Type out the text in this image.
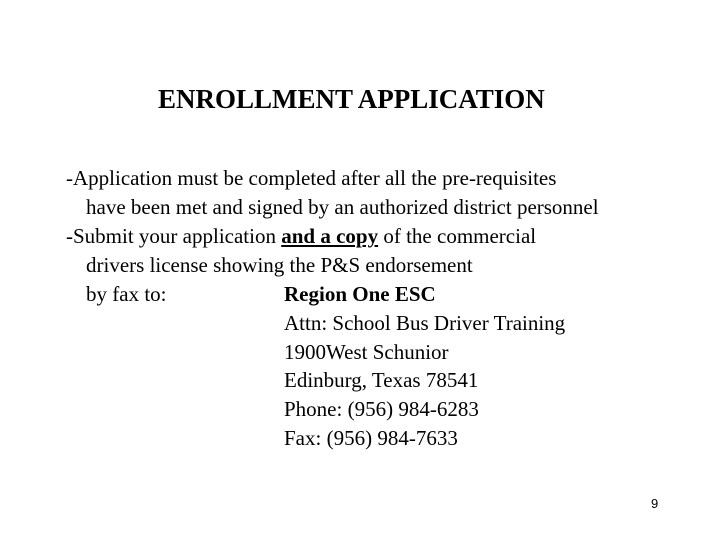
ENROLLMENT APPLICATION
-Application must be completed after all the pre-requisites
have been met and signed by an authorized district personnel
-Submit your application and a copy of the commercial
drivers license showing the P&S endorsement
by fax to:	Region One ESC
Attn: School Bus Driver Training
1900West Schunior
Edinburg, Texas 78541
Phone: (956) 984-6283
Fax: (956) 984-7633
9
